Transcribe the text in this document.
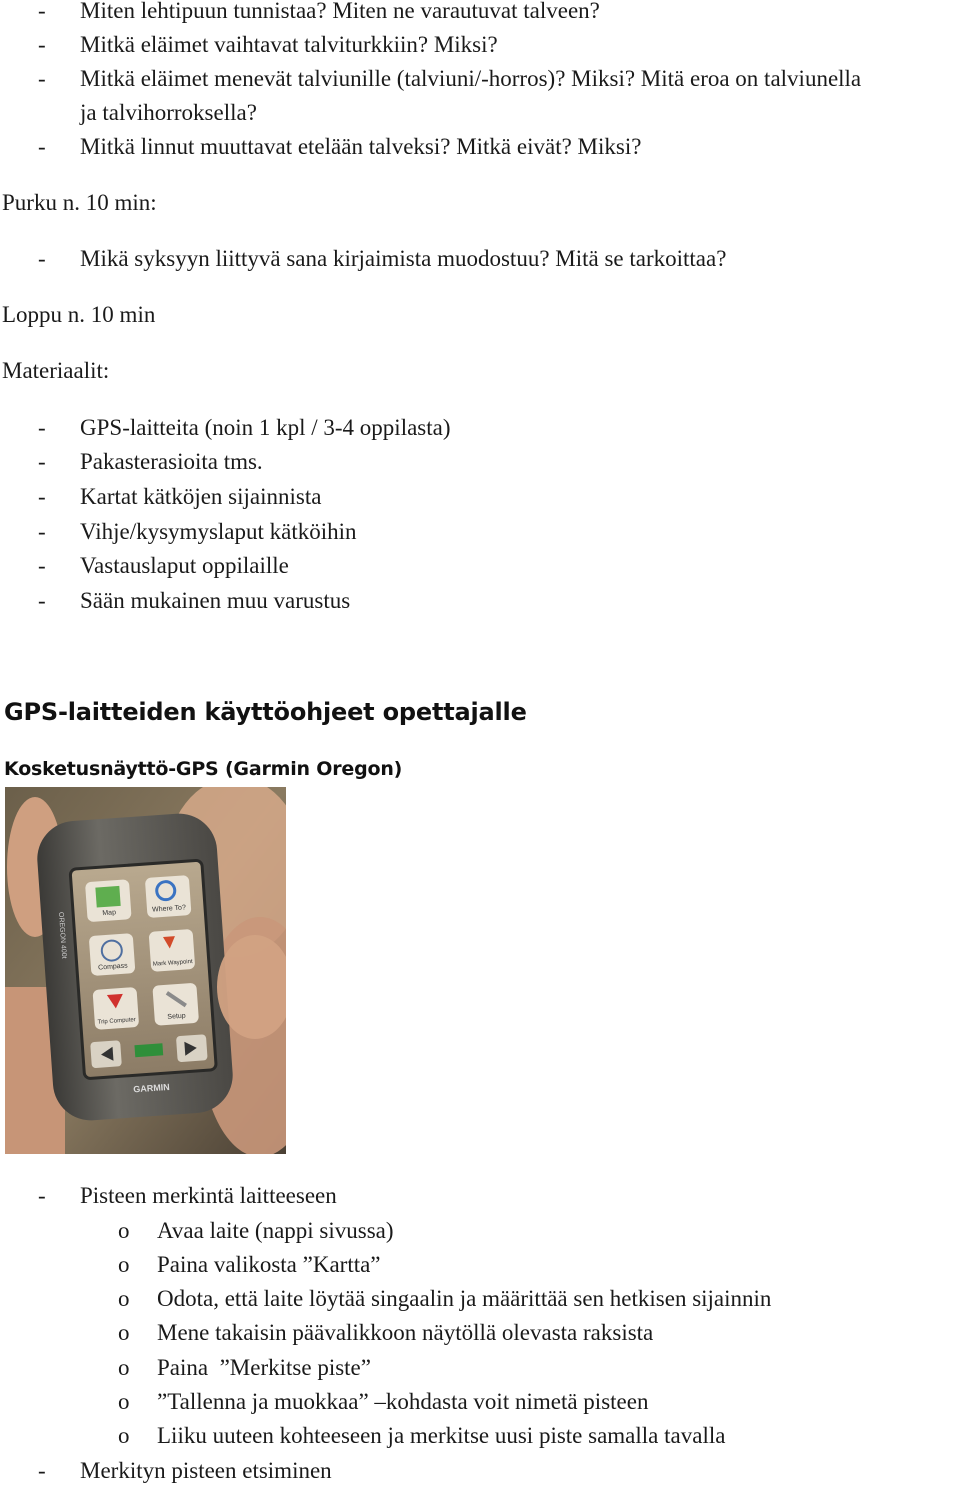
- Miten lehtipuun tunnistaa? Miten ne varautuvat talveen?
- Mitkä eläimet vaihtavat talviturkkiin? Miksi?
- Mitkä eläimet menevät talviunille (talviuni/-horros)? Miksi? Mitä eroa on talviunella
ja talvihorroksella?
- Mitkä linnut muuttavat etelään talveksi? Mitkä eivät? Miksi?
Purku n. 10 min:
- Mikä syksyyn liittyvä sana kirjaimista muodostuu? Mitä se tarkoittaa?
Loppu n. 10 min
Materiaalit:
- GPS-laitteita (noin 1 kpl / 3-4 oppilasta)
- Pakasterasioita tms.
- Kartat kätköjen sijainnista
- Vihje/kysymyslaput kätköihin
- Vastauslaput oppilaille
- Sään mukainen muu varustus
GPS-laitteiden käyttöohjeet opettajalle
Kosketusnäyttö-GPS (Garmin Oregon)
Map	Where To?
Compass	Mark Waypoint
Trip Computer
Setup
GARMIN
OREGON 400t
- Pisteen merkintä laitteeseen
o Avaa laite (nappi sivussa)
o Paina valikosta ”Kartta”
o Odota, että laite löytää singaalin ja määrittää sen hetkisen sijainnin
o Mene takaisin päävalikkoon näytöllä olevasta raksista
o Paina  ”Merkitse piste”
o ”Tallenna ja muokkaa” –kohdasta voit nimetä pisteen
o Liiku uuteen kohteeseen ja merkitse uusi piste samalla tavalla
- Merkityn pisteen etsiminen
